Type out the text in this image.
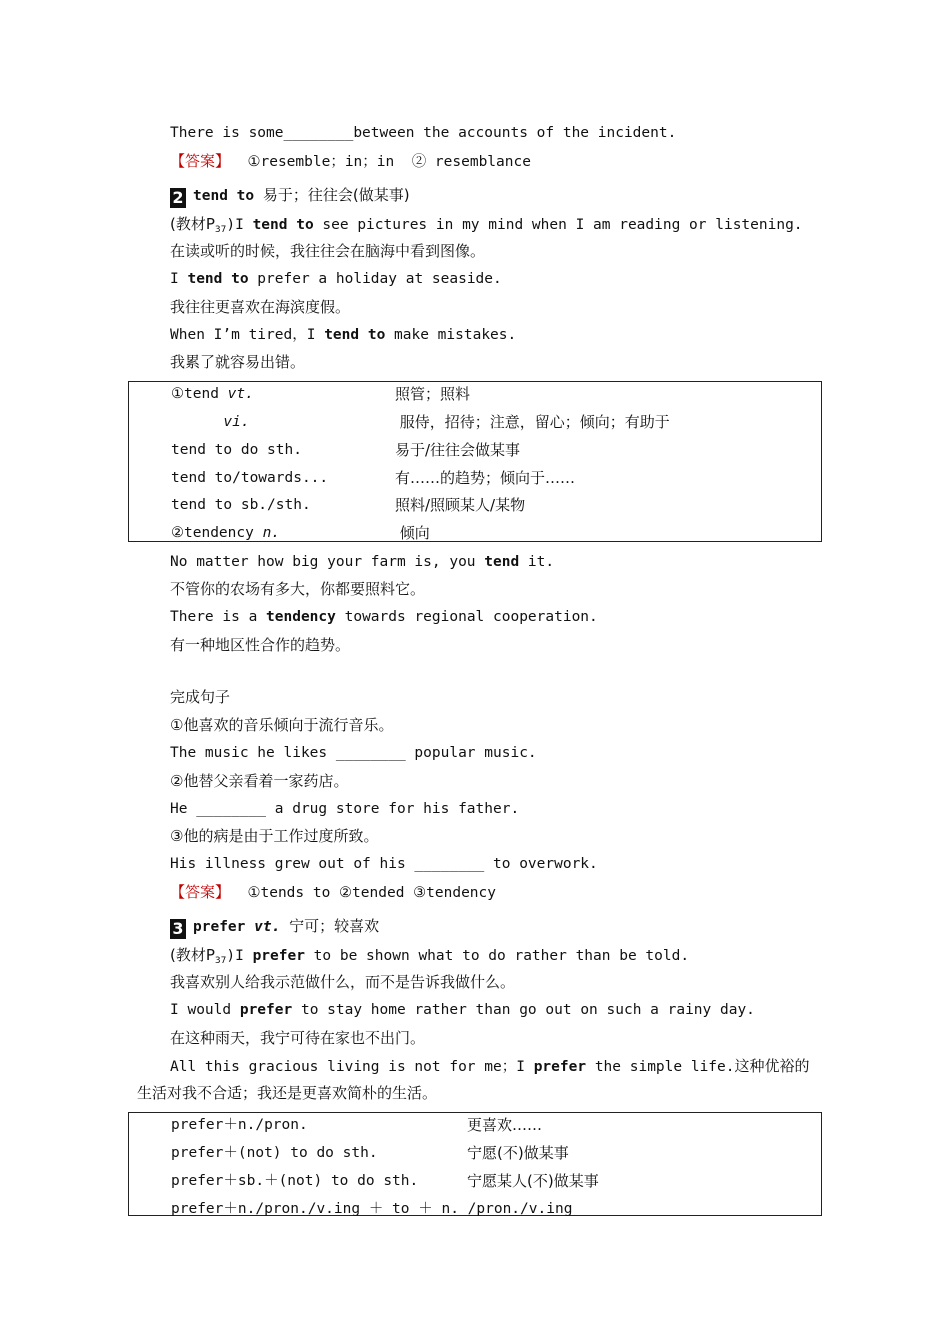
There is some________between the accounts of the incident.
【答案】 ①resemble；in；in  ② resemblance
2 tend to 易于；往往会(做某事)
(教材$P_{37})I$ tend to see pictures in my mind when I am reading or listening.
在读或听的时候，我往往会在脑海中看到图像。
I tend to prefer a holiday at seaside.
我往往更喜欢在海滨度假。
When I’m tired，I tend to make mistakes.
我累了就容易出错。
①tend vt.	照管；照料
vi.	服侍，招待；注意，留心；倾向；有助于
tend to do sth.	易于/往往会做某事
tend to/towards...	有……的趋势；倾向于……
tend to sb./sth.	照料/照顾某人/某物
②tendency n.	倾向
No matter how big your farm is, you tend it.
不管你的农场有多大，你都要照料它。
There is a tendency towards regional cooperation.
有一种地区性合作的趋势。
完成句子
①他喜欢的音乐倾向于流行音乐。
The music he likes ________ popular music.
②他替父亲看着一家药店。
He ________ a drug store for his father.
③他的病是由于工作过度所致。
His illness grew out of his ________ to overwork.
【答案】 ①tends to ②tended ③tendency
3 prefer vt. 宁可；较喜欢
(教材$P_{37})I$ prefer to be shown what to do rather than be told.
我喜欢别人给我示范做什么，而不是告诉我做什么。
I would prefer to stay home rather than go out on such a rainy day.
在这种雨天，我宁可待在家也不出门。
All this gracious living is not for me；I prefer the simple life.这种优裕的
生活对我不合适；我还是更喜欢简朴的生活。
prefer＋n./pron.	更喜欢……
prefer＋(not) to do sth.	宁愿(不)做某事
prefer＋sb.＋(not) to do sth.	宁愿某人(不)做某事
prefer＋n./pron./v.ing ＋ to ＋ n. /pron./v.ing
